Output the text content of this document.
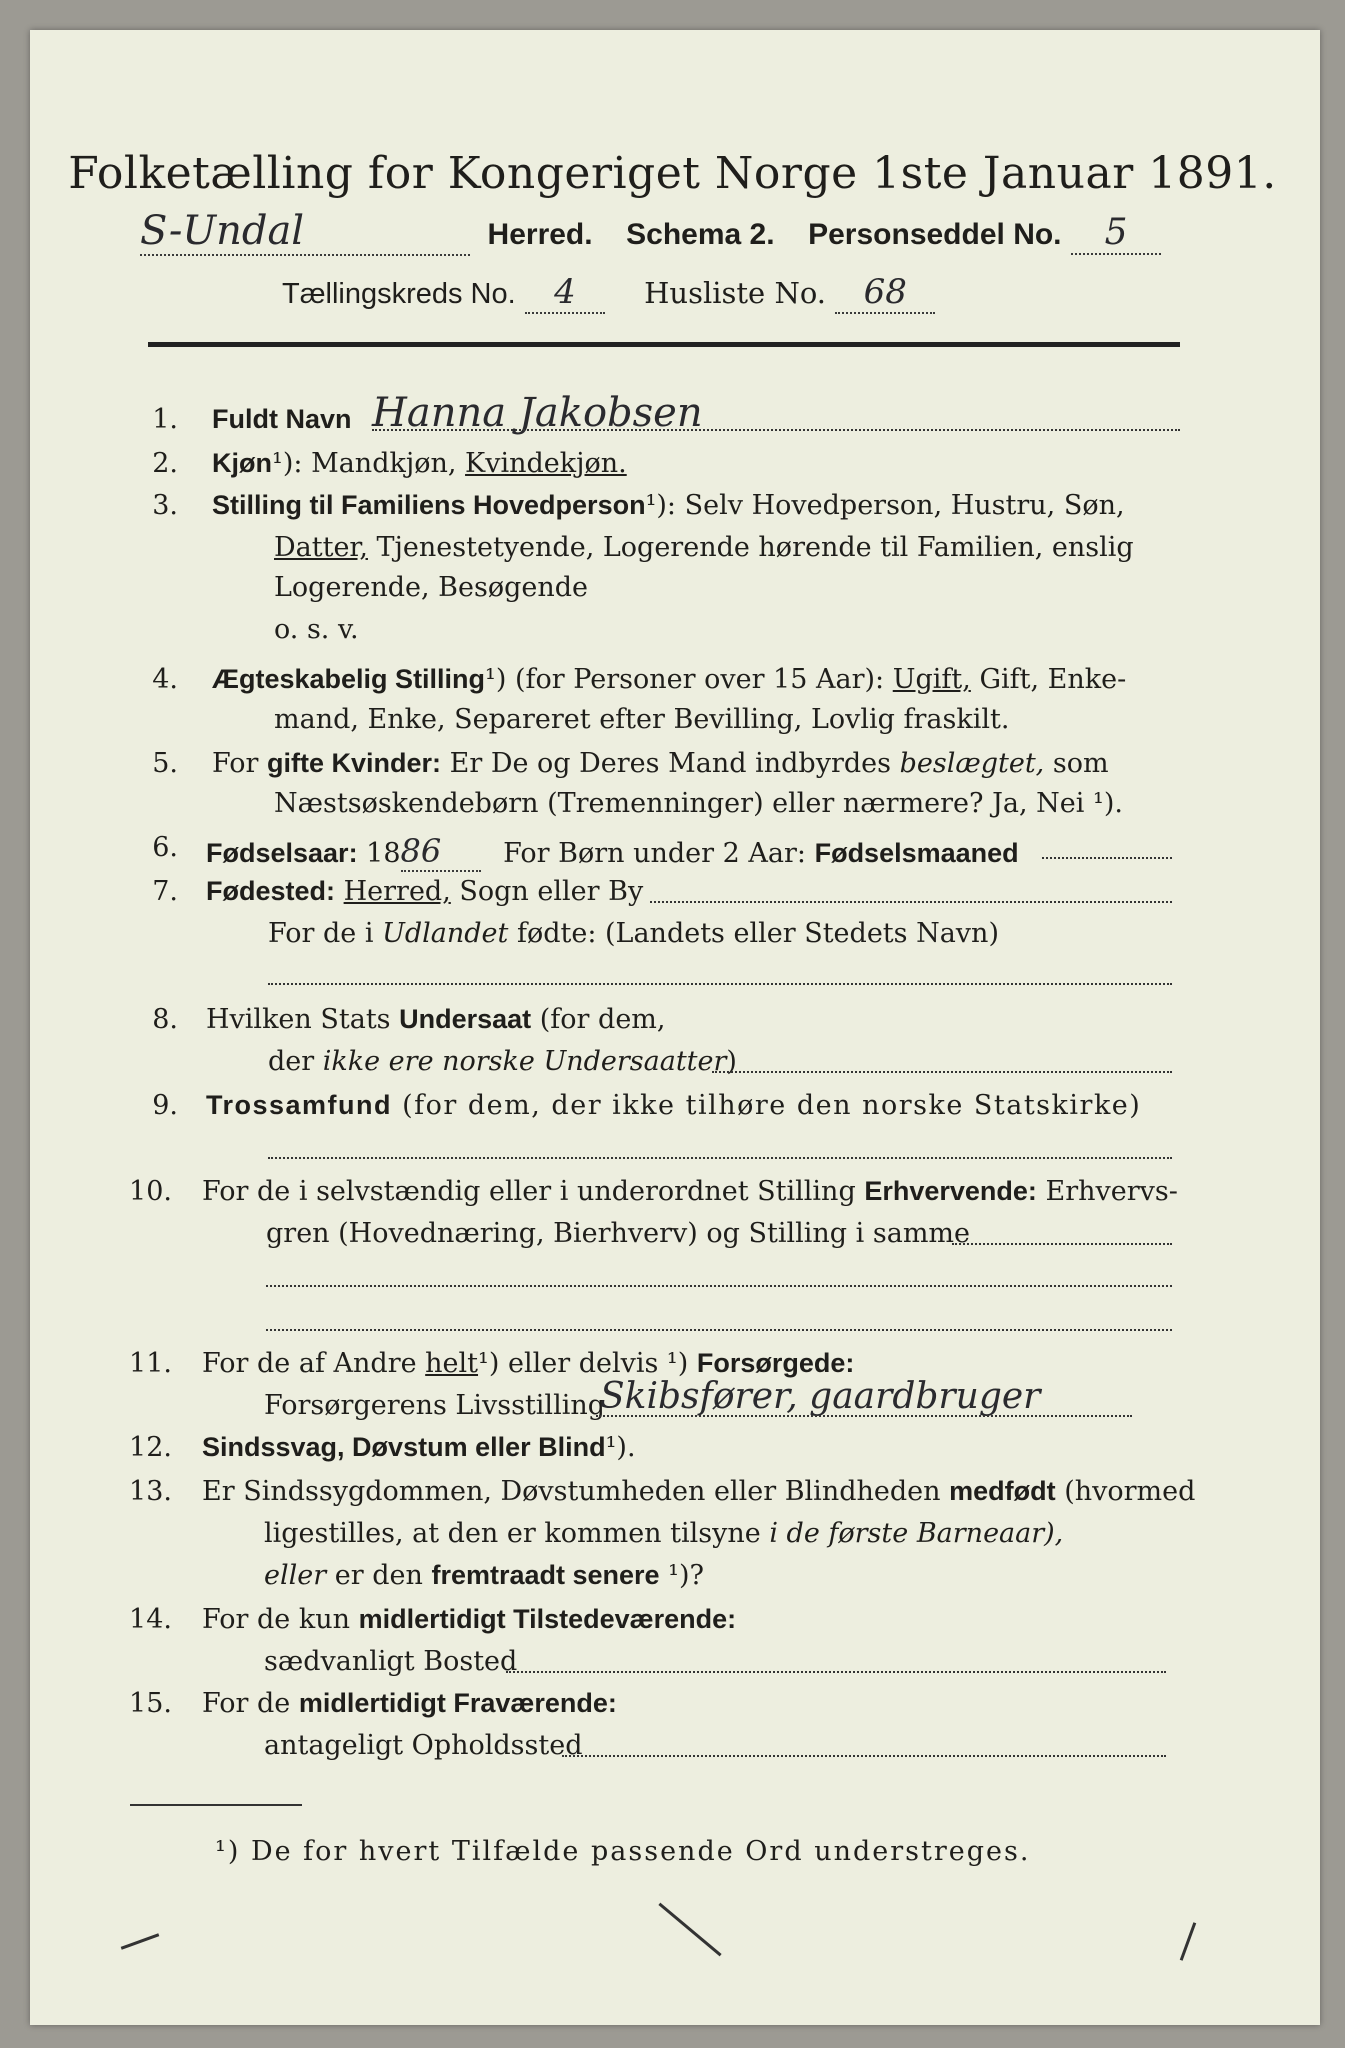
Folketælling for Kongeriget Norge 1ste Januar 1891.
S-Undal	Herred. Schema 2. Personseddel No. 5
Tællingskreds No. 4 Husliste No. 68
1. Fuldt Navn Hanna Jakobsen
2. Kjøn¹): Mandkjøn, Kvindekjøn.
3. Stilling til Familiens Hovedperson¹): Selv Hovedperson, Hustru, Søn,
Datter, Tjenestetyende, Logerende hørende til Familien, enslig
Logerende, Besøgende
o. s. v.
4. Ægteskabelig Stilling¹) (for Personer over 15 Aar): Ugift, Gift, Enke-
mand, Enke, Separeret efter Bevilling, Lovlig fraskilt.
5. For gifte Kvinder: Er De og Deres Mand indbyrdes beslægtet, som
Næstsøskendebørn (Tremenninger) eller nærmere? Ja, Nei ¹).
6. Fødselsaar: 1886 For Børn under 2 Aar: Fødselsmaaned
7. Fødested: Herred, Sogn eller By
For de i Udlandet fødte: (Landets eller Stedets Navn)
8. Hvilken Stats Undersaat (for dem,
der ikke ere norske Undersaatter)
9. Trossamfund (for dem, der ikke tilhøre den norske Statskirke)
10. For de i selvstændig eller i underordnet Stilling Erhvervende: Erhvervs-
gren (Hovednæring, Bierhverv) og Stilling i samme
11. For de af Andre helt¹) eller delvis ¹) Forsørgede:
Forsørgerens Livsstilling
Skibsfører, gaardbruger
12. Sindssvag, Døvstum eller Blind¹).
13. Er Sindssygdommen, Døvstumheden eller Blindheden medfødt (hvormed
ligestilles, at den er kommen tilsyne i de første Barneaar),
eller er den fremtraadt senere ¹)?
14. For de kun midlertidigt Tilstedeværende:
sædvanligt Bosted
15. For de midlertidigt Fraværende:
antageligt Opholdssted
¹) De for hvert Tilfælde passende Ord understreges.
